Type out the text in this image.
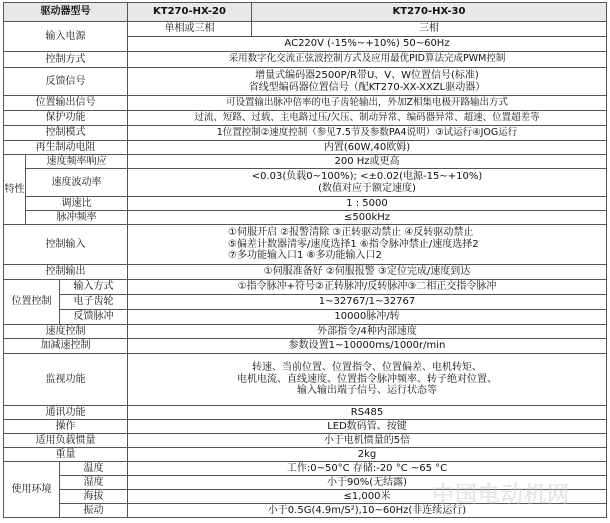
驱动器型号			KT270-HX-20	KT270-HX-30
输入电源			单相或三相	三相
			AC220V (-15%~+10%) 50~60Hz	
控制方式			采用数字化交流正弦波控制方式及应用最优PID算法完成PWM控制	
反馈信号			增量式编码器2500P/R带U、V、W位置信号(标准)
省线型编码器位置信号（配KT270-XX-XXZL驱动器）	

位置输出信号			可设置输出脉冲倍率的电子齿轮输出，外加Z相集电极开路输出方式	
保护功能			过流、短路、过载、主电路过压/欠压、制动异常、编码器异常、超速、位置超差等	
控制模式			1位置控制②速度控制（参见7.5节及参数PA4说明）③试运行④JOG运行	
再生制动电阻			内置(60W,40欧姆)	
特性	速度频率响应		200 Hz或更高	
	速度波动率		<0.03(负载0~100%); <±0.02(电源-15~+10%)
(数值对应于额定速度)	

	调速比		1 : 5000	
	脉冲频率		≤500kHz	
控制输入			①伺服开启 ②报警清除 ③正转驱动禁止 ④反转驱动禁止
⑤偏差计数器清零/速度选择1 ⑥指令脉冲禁止/速度选择2
⑦多功能输入口1 ⑧多功能输入口2	

控制输出			①伺服准备好 ②伺服报警 ③定位完成/速度到达	
位置控制		输入方式	①指令脉冲+符号②正转脉冲/反转脉冲③二相正交指令脉冲	
		电子齿轮	1~32767/1~32767	
		反馈脉冲	10000脉冲/转	
速度控制			外部指令/4种内部速度	
加减速控制			参数设置1~10000ms/1000r/min	
监视功能			转速、当前位置、位置指令、位置偏差、电机转矩、
电机电流、直线速度、位置指令脉冲频率、转子绝对位置、
输入输出端子信号、运行状态等	

通讯功能			RS485	
操作			LED数码管、按键	
适用负载惯量			小于电机惯量的5倍	
重量			2kg	
使用环境		温度	工作:0~50°C 存储:-20 °C ~65 °C	
		湿度	小于90%(无结露)	
		海拔	≤1,000米	
		振动	小于0.5G(4.9m/S²),10~60Hz(非连续运行)	
中国电动机网
